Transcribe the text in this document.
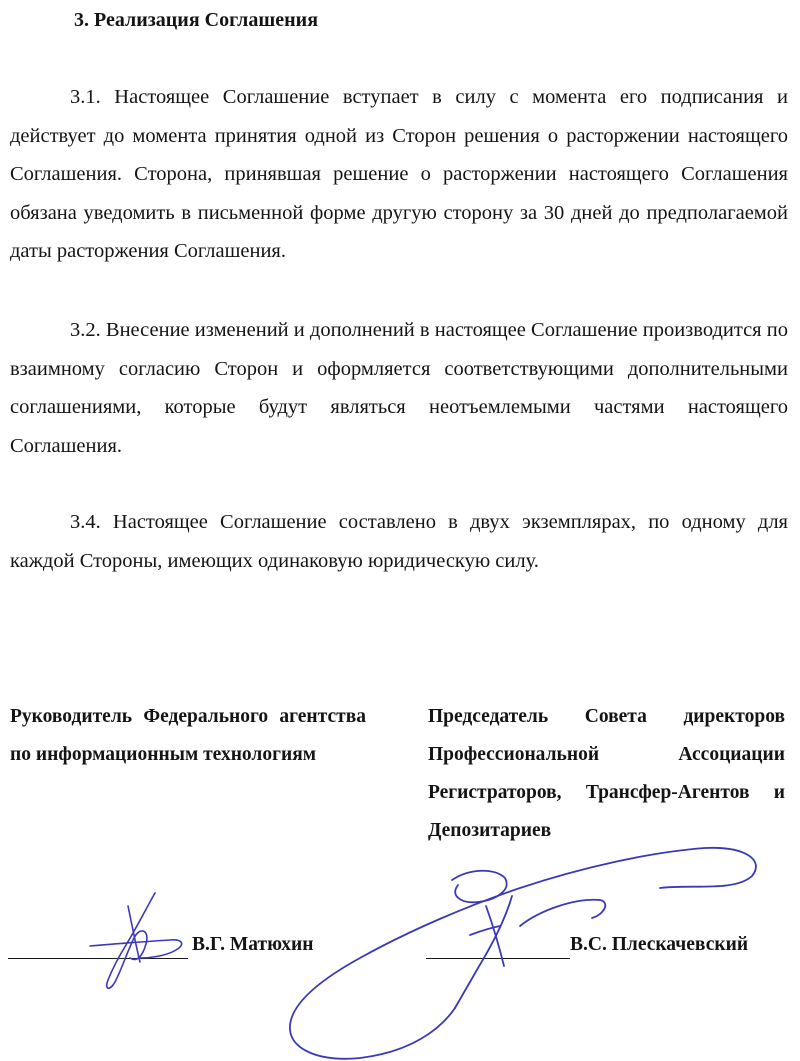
3. Реализация Соглашения

3.1. Настоящее Соглашение вступает в силу с момента его подписания и действует до момента принятия одной из Сторон решения о расторжении настоящего Соглашения. Сторона, принявшая решение о расторжении настоящего Соглашения обязана уведомить в письменной форме другую сторону за 30 дней до предполагаемой даты расторжения Соглашения.

3.2. Внесение изменений и дополнений в настоящее Соглашение производится по взаимному согласию Сторон и оформляется соответствующими дополнительными соглашениями, которые будут являться неотъемлемыми частями настоящего Соглашения.

3.4. Настоящее Соглашение составлено в двух экземплярах, по одному для каждой Стороны, имеющих одинаковую юридическую силу.

Руководитель Федерального агентства по информационным технологиям

Председатель Совета директоров Профессиональной Ассоциации Регистраторов, Трансфер-Агентов и Депозитариев

В.Г. Матюхин	В.С. Плескачевский
